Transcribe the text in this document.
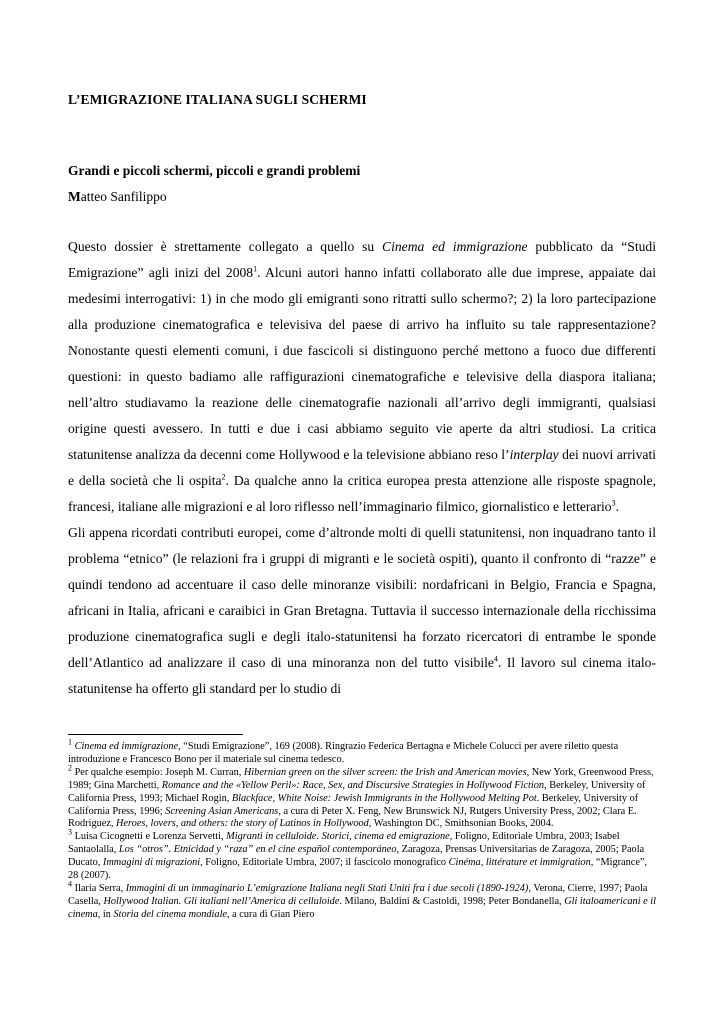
L’EMIGRAZIONE ITALIANA SUGLI SCHERMI
Grandi e piccoli schermi, piccoli e grandi problemi
Matteo Sanfilippo

Questo dossier è strettamente collegato a quello su Cinema ed immigrazione pubblicato da “Studi Emigrazione” agli inizi del 2008$^1$. Alcuni autori hanno infatti collaborato alle due imprese, appaiate dai medesimi interrogativi: 1) in che modo gli emigranti sono ritratti sullo schermo?; 2) la loro partecipazione alla produzione cinematografica e televisiva del paese di arrivo ha influito su tale rappresentazione? Nonostante questi elementi comuni, i due fascicoli si distinguono perché mettono a fuoco due differenti questioni: in questo badiamo alle raffigurazioni cinematografiche e televisive della diaspora italiana; nell’altro studiavamo la reazione delle cinematografie nazionali all’arrivo degli immigranti, qualsiasi origine questi avessero. In tutti e due i casi abbiamo seguito vie aperte da altri studiosi. La critica statunitense analizza da decenni come Hollywood e la televisione abbiano reso l’interplay dei nuovi arrivati e della società che li ospita$^2$. Da qualche anno la critica europea presta attenzione alle risposte spagnole, francesi, italiane alle migrazioni e al loro riflesso nell’immaginario filmico, giornalistico e letterario$^3$.

Gli appena ricordati contributi europei, come d’altronde molti di quelli statunitensi, non inquadrano tanto il problema “etnico” (le relazioni fra i gruppi di migranti e le società ospiti), quanto il confronto di “razze” e quindi tendono ad accentuare il caso delle minoranze visibili: nordafricani in Belgio, Francia e Spagna, africani in Italia, africani e caraibici in Gran Bretagna. Tuttavia il successo internazionale della ricchissima produzione cinematografica sugli e degli italo-statunitensi ha forzato ricercatori di entrambe le sponde dell’Atlantico ad analizzare il caso di una minoranza non del tutto visibile$^4$. Il lavoro sul cinema italo-statunitense ha offerto gli standard per lo studio di

$^1$ Cinema ed immigrazione, “Studi Emigrazione”, 169 (2008). Ringrazio Federica Bertagna e Michele Colucci per avere riletto questa introduzione e Francesco Bono per il materiale sul cinema tedesco.

$^2$ Per qualche esempio: Joseph M. Curran, Hibernian green on the silver screen: the Irish and American movies, New York, Greenwood Press, 1989; Gina Marchetti, Romance and the «Yellow Peril»: Race, Sex, and Discursive Strategies in Hollywood Fiction, Berkeley, University of California Press, 1993; Michael Rogin, Blackface, White Noise: Jewish Immigrants in the Hollywood Melting Pot. Berkeley, University of California Press, 1996; Screening Asian Americans, a cura di Peter X. Feng, New Brunswick NJ, Rutgers University Press, 2002; Clara E. Rodriguez, Heroes, lovers, and others: the story of Latinos in Hollywood, Washington DC, Smithsonian Books, 2004.

$^3$ Luisa Cicognetti e Lorenza Servetti, Migranti in celluloide. Storici, cinema ed emigrazione, Foligno, Editoriale Umbra, 2003; Isabel Santaolalla, Los “otros”. Etnicidad y “raza” en el cine español contemporáneo, Zaragoza, Prensas Universitarias de Zaragoza, 2005; Paola Ducato, Immagini di migrazioni, Foligno, Editoriale Umbra, 2007; il fascicolo monografico Cinéma, littérature et immigration, “Migrance”, 28 (2007).

$^4$ Ilaria Serra, Immagini di un immaginario L’emigrazione Italiana negli Stati Uniti fra i due secoli (1890-1924), Verona, Cierre, 1997; Paola Casella, Hollywood Italian. Gli italiani nell’America di celluloide. Milano, Baldini & Castoldi, 1998; Peter Bondanella, Gli italoamericani e il cinema, in Storia del cinema mondiale, a cura di Gian Piero
